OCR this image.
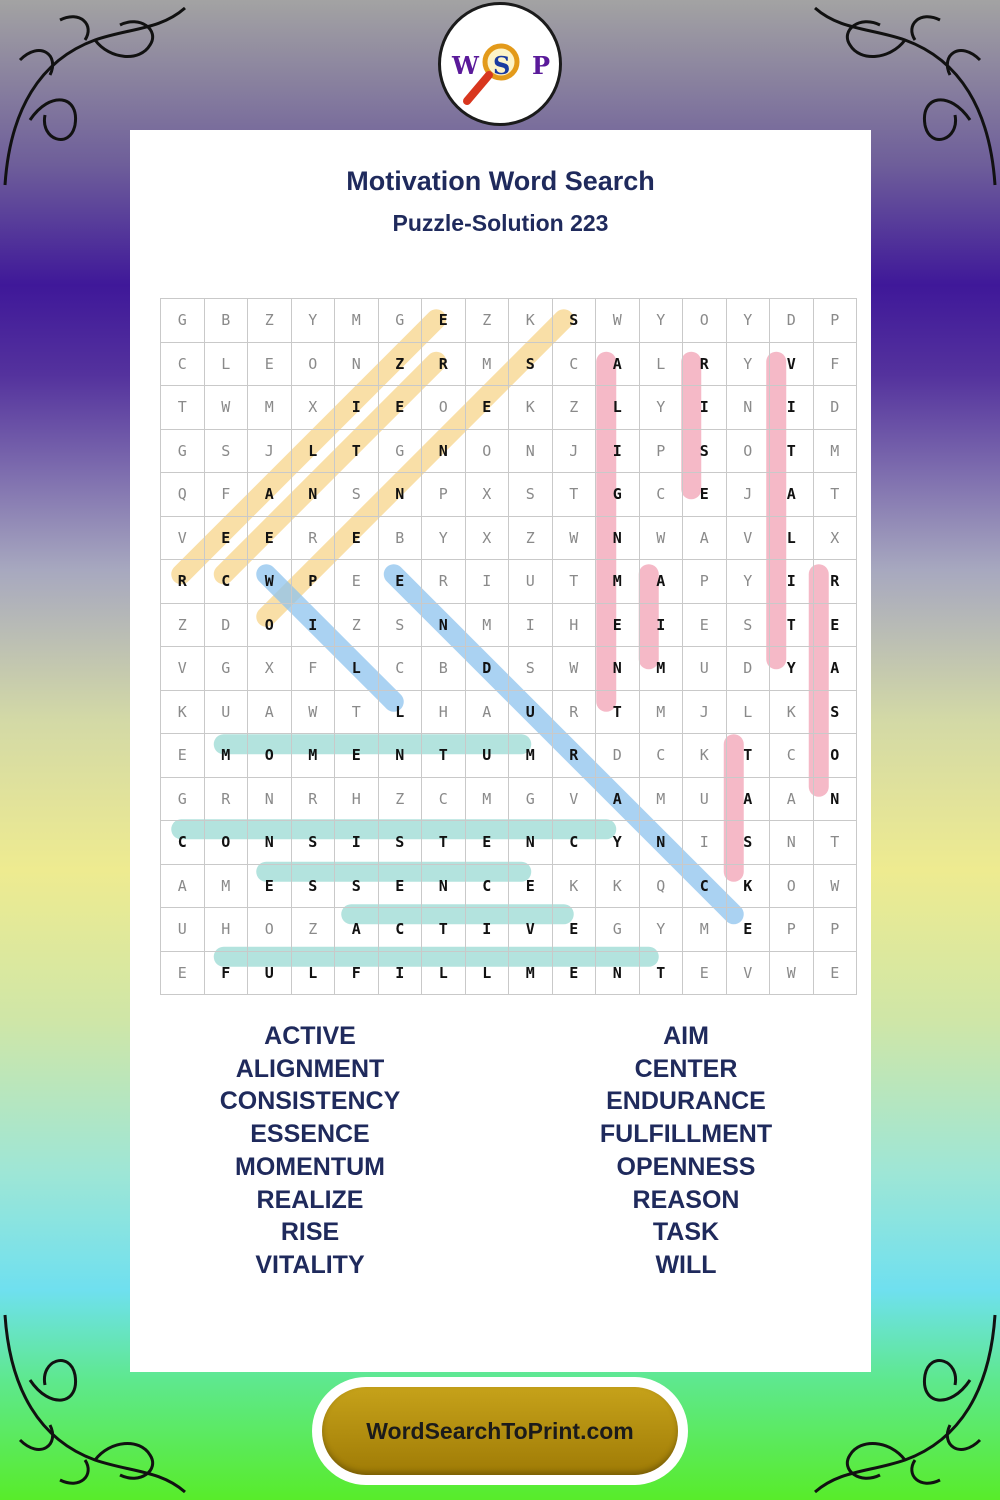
W S P
Motivation Word Search
Puzzle-Solution 223
G	B	Z	Y	M	G	E	Z	K	S	W	Y	O	Y	D	P
C	L	E	O	N	Z	R	M	S	C	A	L	R	Y	V	F
T	W	M	X	I	E	O	E	K	Z	L	Y	I	N	I	D
G	S	J	L	T	G	N	O	N	J	I	P	S	O	T	M
Q	F	A	N	S	N	P	X	S	T	G	C	E	J	A	T
V	E	E	R	E	B	Y	X	Z	W	N	W	A	V	L	X
R	C	W	P	E	E	R	I	U	T	M	A	P	Y	I	R
Z	D	O	I	Z	S	N	M	I	H	E	I	E	S	T	E
V	G	X	F	L	C	B	D	S	W	N	M	U	D	Y	A
K	U	A	W	T	L	H	A	U	R	T	M	J	L	K	S
E	M	O	M	E	N	T	U	M	R	D	C	K	T	C	O
G	R	N	R	H	Z	C	M	G	V	A	M	U	A	A	N
C	O	N	S	I	S	T	E	N	C	Y	N	I	S	N	T
A	M	E	S	S	E	N	C	E	K	K	Q	C	K	O	W
U	H	O	Z	A	C	T	I	V	E	G	Y	M	E	P	P
E	F	U	L	F	I	L	L	M	E	N	T	E	V	W	E
ACTIVE
ALIGNMENT
CONSISTENCY
ESSENCE
MOMENTUM
REALIZE
RISE
VITALITY
AIM
CENTER
ENDURANCE
FULFILLMENT
OPENNESS
REASON
TASK
WILL
WordSearchToPrint.com
